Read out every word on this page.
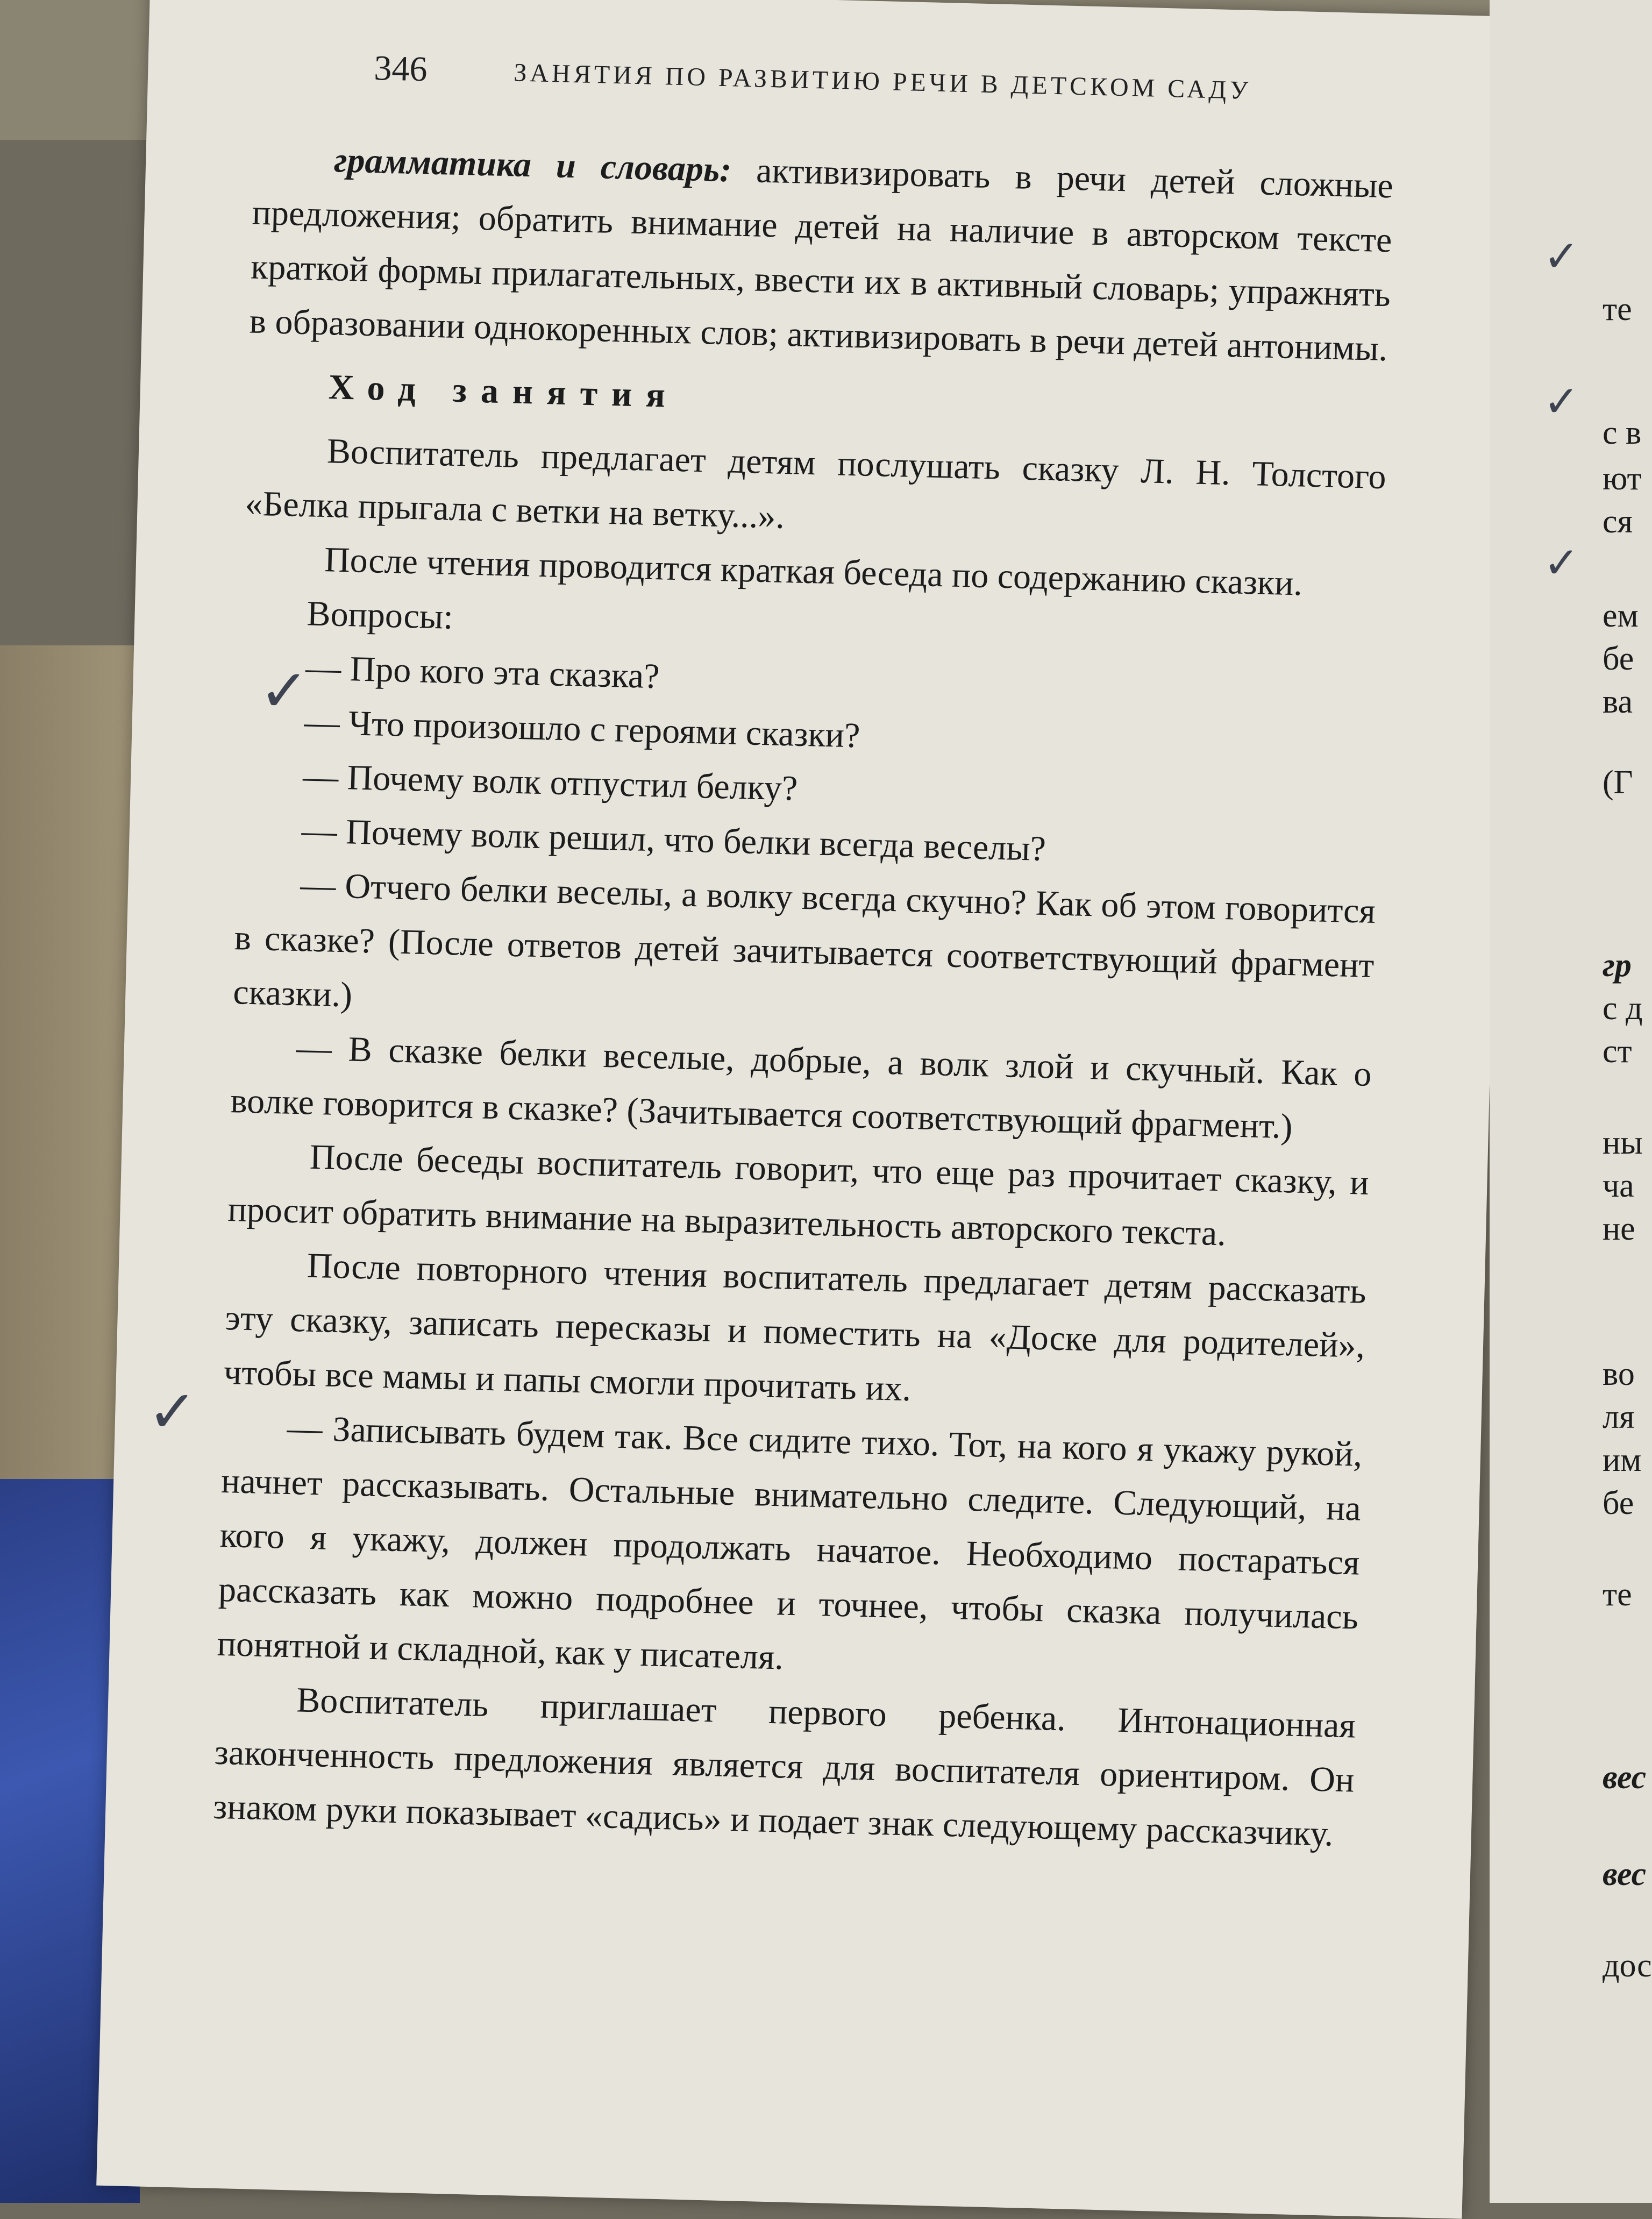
346	ЗАНЯТИЯ ПО РАЗВИТИЮ РЕЧИ В ДЕТСКОМ САДУ

грамматика и словарь: активизировать в речи детей сложные предложения; обратить внимание детей на наличие в авторском тексте краткой формы прилагательных, ввести их в активный словарь; упражнять в образовании однокоренных слов; активизировать в речи детей антонимы.

Ход занятия

Воспитатель предлагает детям послушать сказку Л. Н. Толстого «Белка прыгала с ветки на ветку...».

После чтения проводится краткая беседа по содержанию сказки.

Вопросы:

— Про кого эта сказка?

— Что произошло с героями сказки?

— Почему волк отпустил белку?

— Почему волк решил, что белки всегда веселы?

— Отчего белки веселы, а волку всегда скучно? Как об этом говорится в сказке? (После ответов детей зачитывается соответствующий фрагмент сказки.)

— В сказке белки веселые, добрые, а волк злой и скучный. Как о волке говорится в сказке? (Зачитывается соответствующий фрагмент.)

После беседы воспитатель говорит, что еще раз прочитает сказку, и просит обратить внимание на выразительность авторского текста.

После повторного чтения воспитатель предлагает детям рассказать эту сказку, записать пересказы и поместить на «Доске для родителей», чтобы все мамы и папы смогли прочитать их.

— Записывать будем так. Все сидите тихо. Тот, на кого я укажу рукой, начнет рассказывать. Остальные внимательно следите. Следующий, на кого я укажу, должен продолжать начатое. Необходимо постараться рассказать как можно подробнее и точнее, чтобы сказка получилась понятной и складной, как у писателя.

Воспитатель приглашает первого ребенка. Интонационная законченность предложения является для воспитателя ориентиром. Он знаком руки показывает «садись» и подает знак следующему рассказчику.

✓
✓
✓
✓
✓
те
с в
ют
ся
ем
бе
ва
(Г
гр
с д
ст
ны
ча
не
во
ля
им
бе
те
вес
вес
дос
